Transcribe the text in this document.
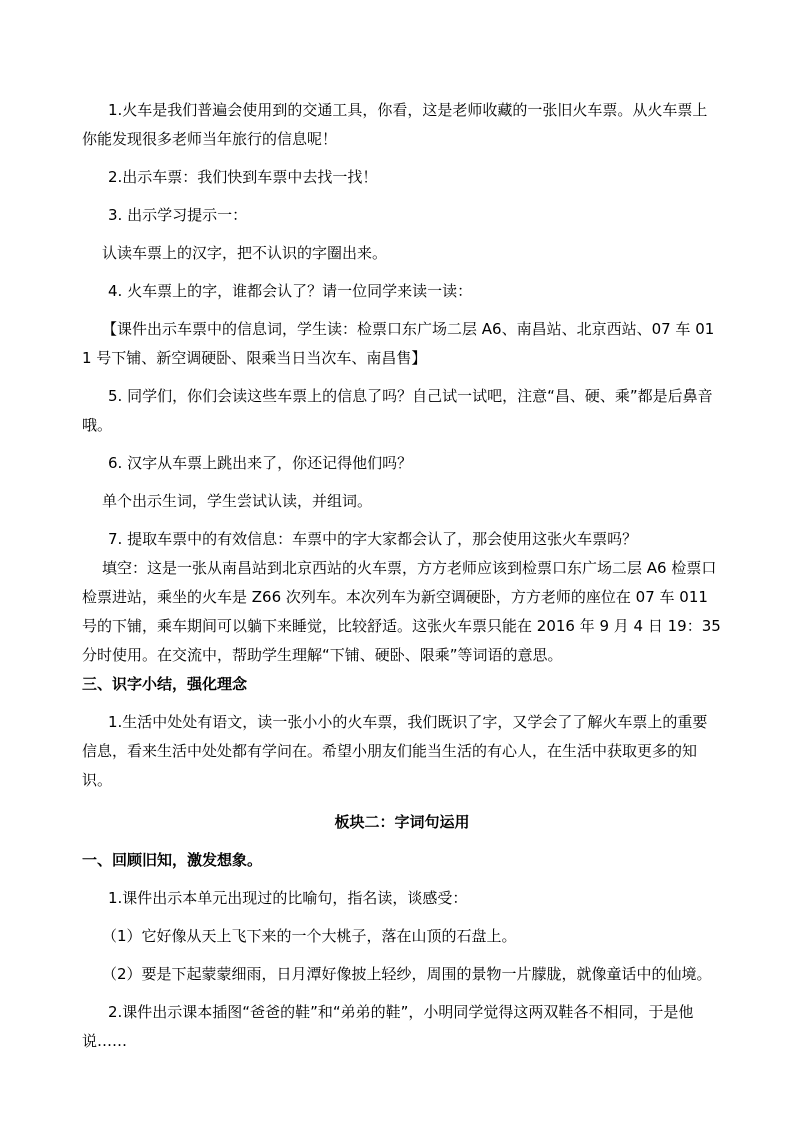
1.火车是我们普遍会使用到的交通工具，你看，这是老师收藏的一张旧火车票。从火车票上你能发现很多老师当年旅行的信息呢！

2.出示车票：我们快到车票中去找一找！

3. 出示学习提示一：

认读车票上的汉字，把不认识的字圈出来。

4. 火车票上的字，谁都会认了？请一位同学来读一读：

【课件出示车票中的信息词，学生读：检票口东广场二层 A6、南昌站、北京西站、07 车 011 号下铺、新空调硬卧、限乘当日当次车、南昌售】

5. 同学们，你们会读这些车票上的信息了吗？自己试一试吧，注意“昌、硬、乘”都是后鼻音哦。

6. 汉字从车票上跳出来了，你还记得他们吗？

单个出示生词，学生尝试认读，并组词。

7. 提取车票中的有效信息：车票中的字大家都会认了，那会使用这张火车票吗？

填空：这是一张从南昌站到北京西站的火车票，方方老师应该到检票口东广场二层 A6 检票口检票进站，乘坐的火车是 Z66 次列车。本次列车为新空调硬卧，方方老师的座位在 07 车 011 号的下铺，乘车期间可以躺下来睡觉，比较舒适。这张火车票只能在 2016 年 9 月 4 日 19：35 分时使用。在交流中，帮助学生理解“下铺、硬卧、限乘”等词语的意思。

三、识字小结，强化理念

1.生活中处处有语文，读一张小小的火车票，我们既识了字，又学会了了解火车票上的重要信息，看来生活中处处都有学问在。希望小朋友们能当生活的有心人，在生活中获取更多的知识。

板块二：字词句运用

一、回顾旧知，激发想象。

1.课件出示本单元出现过的比喻句，指名读，谈感受：

（1）它好像从天上飞下来的一个大桃子，落在山顶的石盘上。

（2）要是下起蒙蒙细雨，日月潭好像披上轻纱，周围的景物一片朦胧，就像童话中的仙境。

2.课件出示课本插图“爸爸的鞋”和“弟弟的鞋”，小明同学觉得这两双鞋各不相同，于是他说……
